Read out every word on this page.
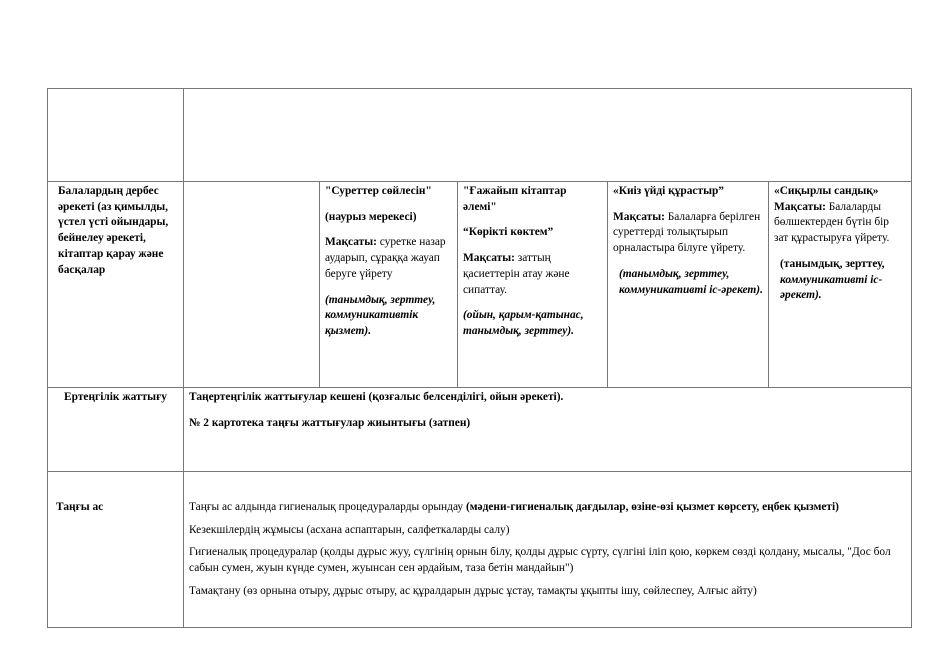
Балалардың дербес әрекеті (аз қимылды, үстел үсті ойындары, бейнелеу әрекеті, кітаптар қарау және басқалар

"Суреттер сөйлесін"

(наурыз мерекесі)

Мақсаты: суретке назар аударып, сұраққа жауап беруге үйрету

(танымдық, зерттеу, коммуникативтік қызмет).

"Ғажайып кітаптар әлемі"

“Көрікті көктем”

Мақсаты: заттың қасиеттерін атау және сипаттау.

(ойын, қарым-қатынас, танымдық, зерттеу).

«Киіз үйді құрастыр”

Мақсаты: Балаларға берілген суреттерді толықтырып орналастыра білуге үйрету.

(танымдық, зерттеу, коммуникативті іс-әрекет).

«Сиқырлы сандық»

Мақсаты: Балаларды бөлшектерден бүтін бір зат құрастыруға үйрету.

(танымдық, зерттеу, коммуникативті іс-әрекет).

Ертеңгілік жаттығу	Таңертеңгілік жаттығулар кешені (қозғалыс белсенділігі, ойын әрекеті).

№ 2 картотека таңғы жаттығулар жиынтығы (затпен)

Таңғы ас	Таңғы ас алдында гигиеналық процедураларды орындау (мәдени-гигиеналық дағдылар, өзіне-өзі қызмет көрсету, еңбек қызметі)

Кезекшілердің жұмысы (асхана аспаптарын, салфеткаларды салу)

Гигиеналық процедуралар (қолды дұрыс жуу, сүлгінің орнын білу, қолды дұрыс сүрту, сүлгіні іліп қою, көркем сөзді қолдану, мысалы, "Дос бол сабын сумен, жуын күнде сумен, жуынсан сен әрдайым, таза бетін мандайын")

Тамақтану (өз орнына отыру, дұрыс отыру, ас құралдарын дұрыс ұстау, тамақты ұқыпты ішу, сөйлеспеу, Алғыс айту)
